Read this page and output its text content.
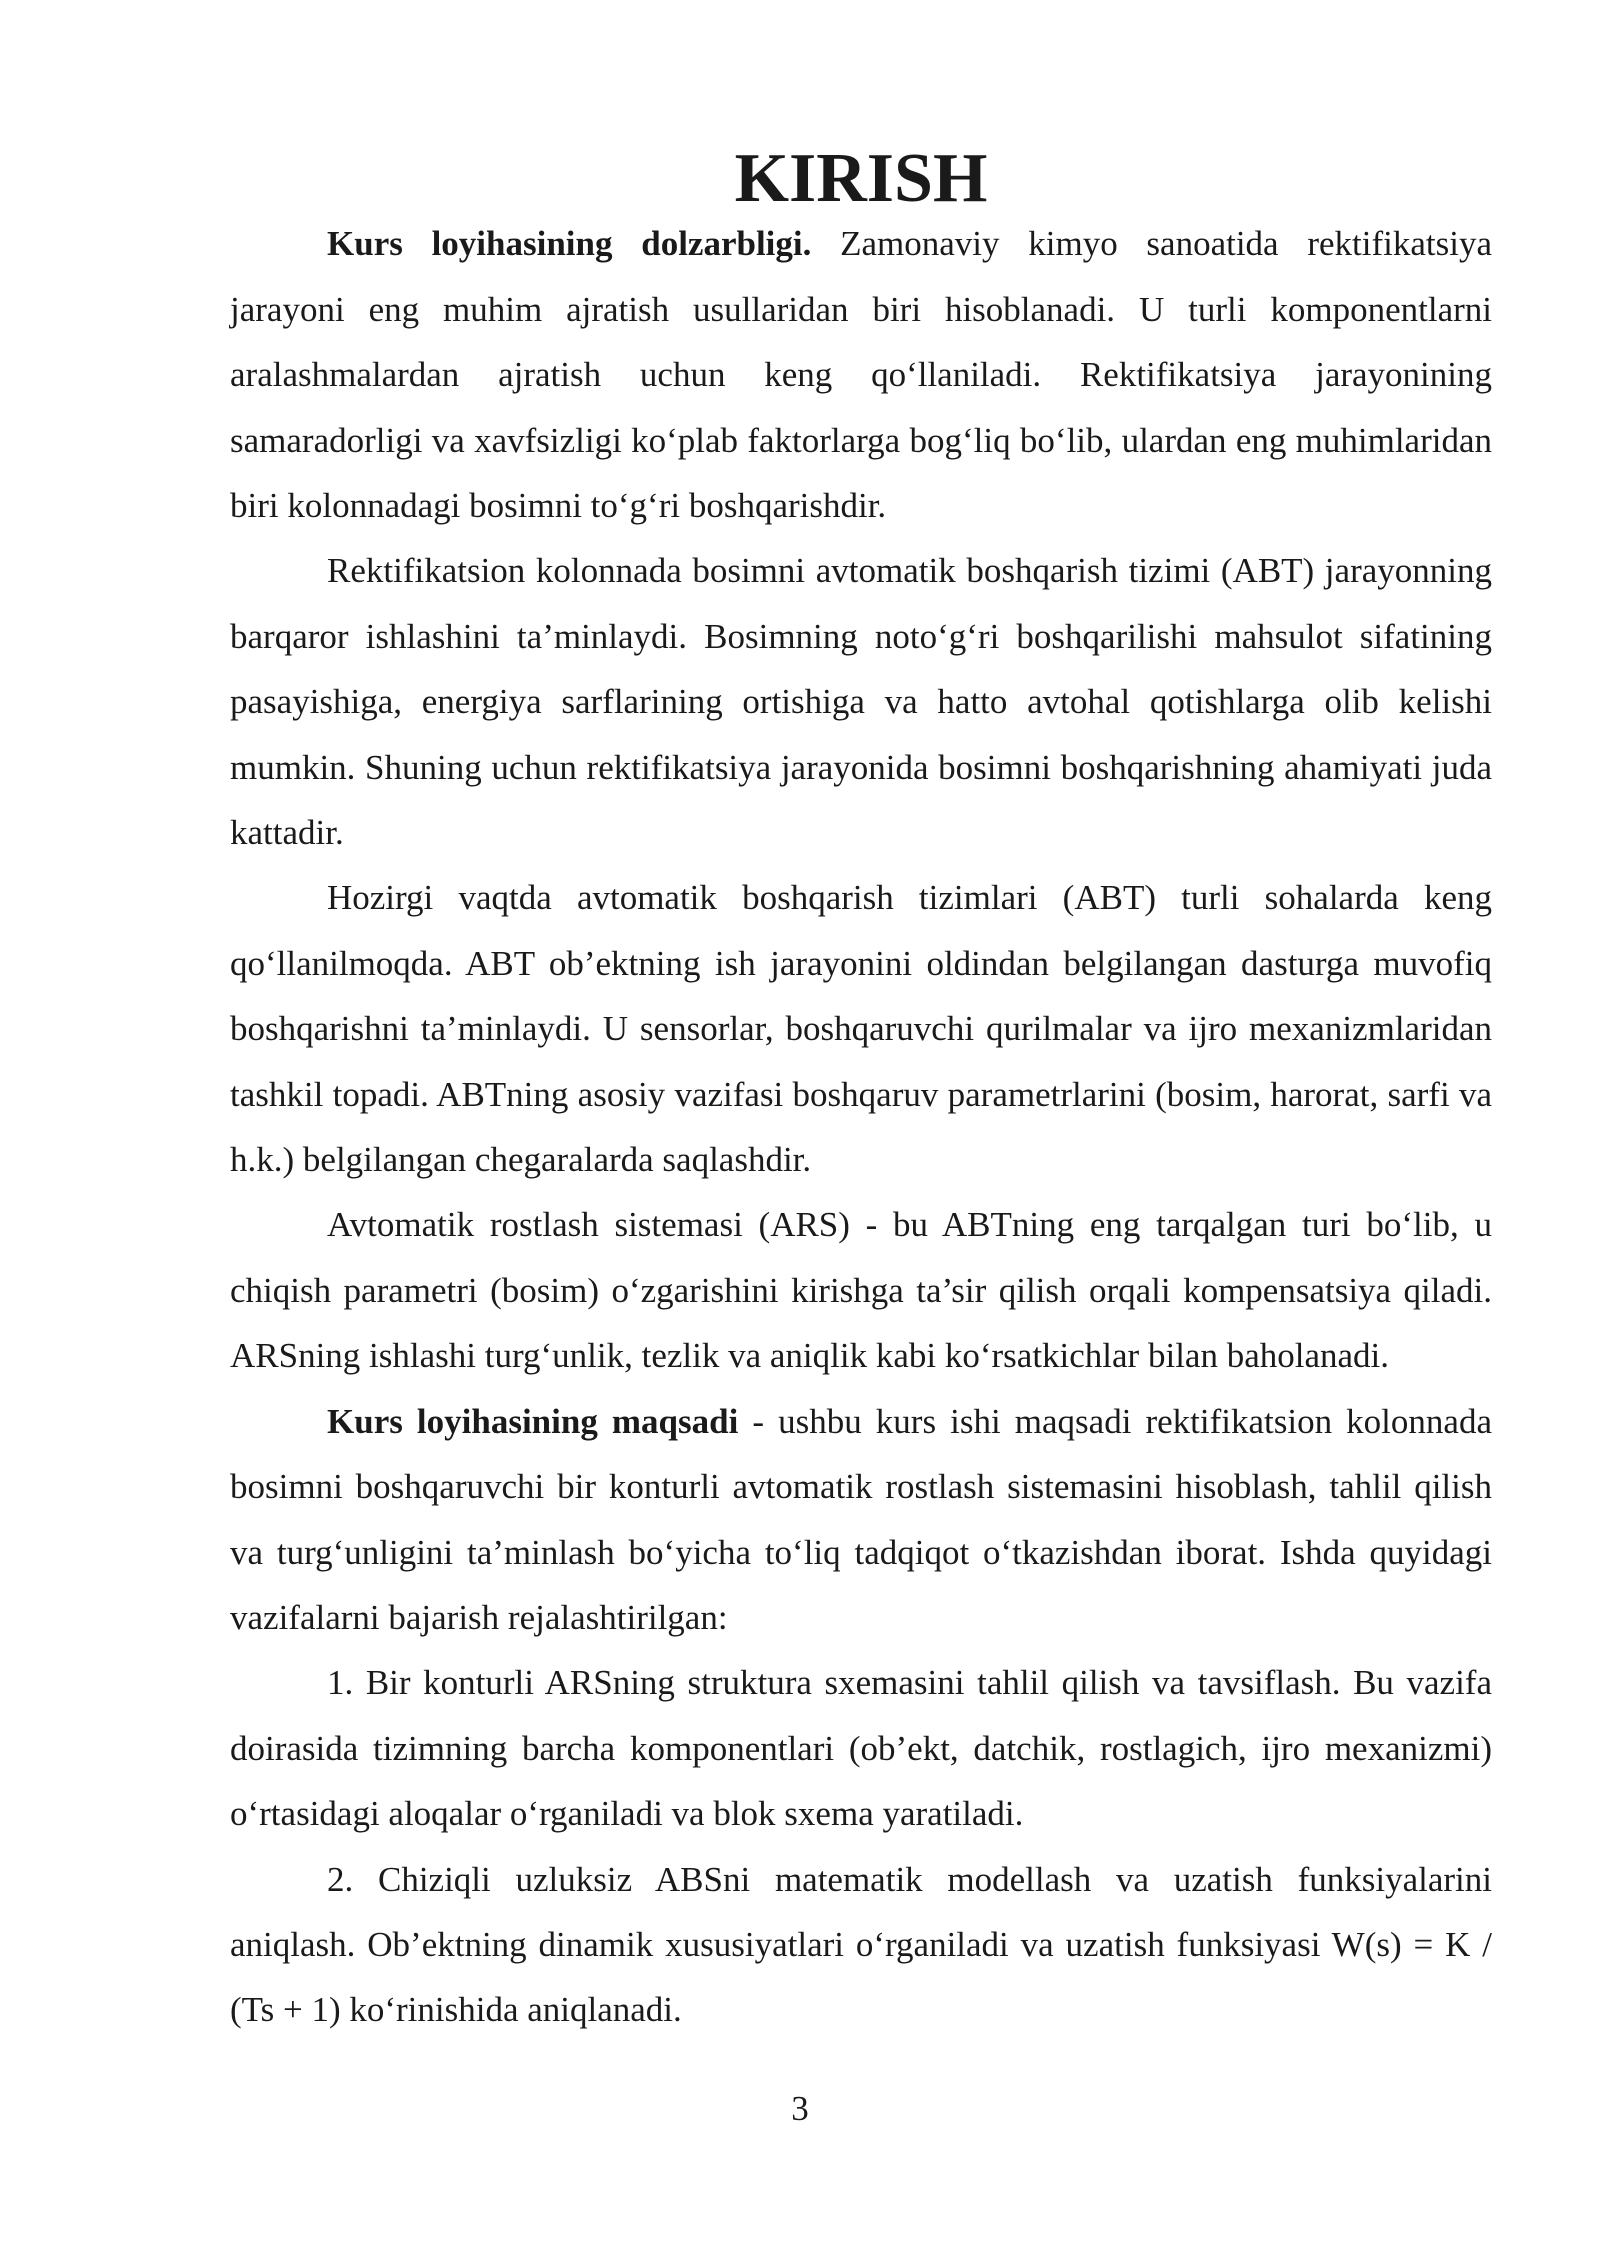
KIRISH

Kurs loyihasining dolzarbligi. Zamonaviy kimyo sanoatida rektifikatsiya jarayoni eng muhim ajratish usullaridan biri hisoblanadi. U turli komponentlarni aralashmalardan ajratish uchun keng qo‘llaniladi. Rektifikatsiya jarayonining samaradorligi va xavfsizligi ko‘plab faktorlarga bog‘liq bo‘lib, ulardan eng muhimlaridan biri kolonnadagi bosimni to‘g‘ri boshqarishdir.

Rektifikatsion kolonnada bosimni avtomatik boshqarish tizimi (ABT) jarayonning barqaror ishlashini ta’minlaydi. Bosimning noto‘g‘ri boshqarilishi mahsulot sifatining pasayishiga, energiya sarflarining ortishiga va hatto avtohal qotishlarga olib kelishi mumkin. Shuning uchun rektifikatsiya jarayonida bosimni boshqarishning ahamiyati juda kattadir.

Hozirgi vaqtda avtomatik boshqarish tizimlari (ABT) turli sohalarda keng qo‘llanilmoqda. ABT ob’ektning ish jarayonini oldindan belgilangan dasturga muvofiq boshqarishni ta’minlaydi. U sensorlar, boshqaruvchi qurilmalar va ijro mexanizmlaridan tashkil topadi. ABTning asosiy vazifasi boshqaruv parametrlarini (bosim, harorat, sarfi va h.k.) belgilangan chegaralarda saqlashdir.

Avtomatik rostlash sistemasi (ARS) - bu ABTning eng tarqalgan turi bo‘lib, u chiqish parametri (bosim) o‘zgarishini kirishga ta’sir qilish orqali kompensatsiya qiladi. ARSning ishlashi turg‘unlik, tezlik va aniqlik kabi ko‘rsatkichlar bilan baholanadi.

Kurs loyihasining maqsadi - ushbu kurs ishi maqsadi rektifikatsion kolonnada bosimni boshqaruvchi bir konturli avtomatik rostlash sistemasini hisoblash, tahlil qilish va turg‘unligini ta’minlash bo‘yicha to‘liq tadqiqot o‘tkazishdan iborat. Ishda quyidagi vazifalarni bajarish rejalashtirilgan:

1. Bir konturli ARSning struktura sxemasini tahlil qilish va tavsiflash. Bu vazifa doirasida tizimning barcha komponentlari (ob’ekt, datchik, rostlagich, ijro mexanizmi) o‘rtasidagi aloqalar o‘rganiladi va blok sxema yaratiladi.

2. Chiziqli uzluksiz ABSni matematik modellash va uzatish funksiyalarini aniqlash. Ob’ektning dinamik xususiyatlari o‘rganiladi va uzatish funksiyasi W(s) = K / (Ts + 1) ko‘rinishida aniqlanadi.

3
